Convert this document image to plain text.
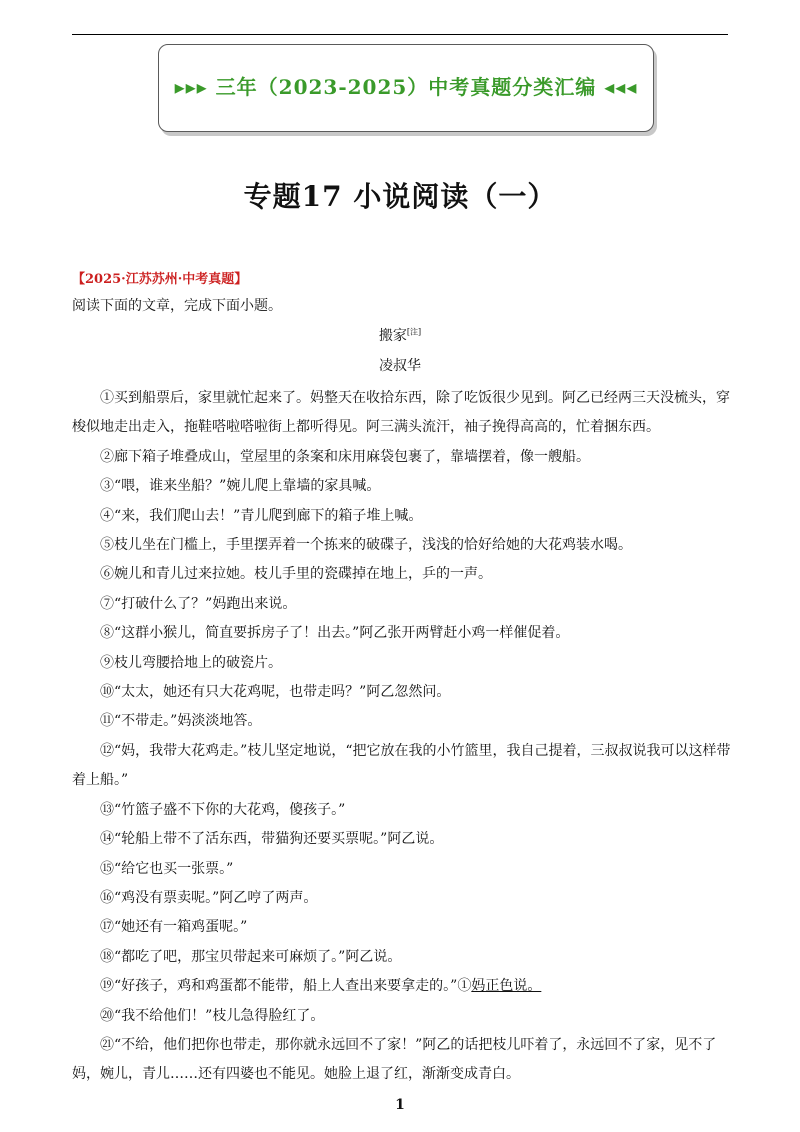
▸▸▸ 三年（2023-2025）中考真题分类汇编 ◂◂◂
专题17 小说阅读（一）
【2025·江苏苏州·中考真题】
阅读下面的文章，完成下面小题。
搬家[注]
凌叔华

①买到船票后，家里就忙起来了。妈整天在收拾东西，除了吃饭很少见到。阿乙已经两三天没梳头，穿梭似地走出走入，拖鞋嗒啦嗒啦街上都听得见。阿三满头流汗，袖子挽得高高的，忙着捆东西。

②廊下箱子堆叠成山，堂屋里的条案和床用麻袋包裹了，靠墙摆着，像一艘船。

③“喂，谁来坐船？”婉儿爬上靠墙的家具喊。

④“来，我们爬山去！”青儿爬到廊下的箱子堆上喊。

⑤枝儿坐在门槛上，手里摆弄着一个拣来的破碟子，浅浅的恰好给她的大花鸡装水喝。

⑥婉儿和青儿过来拉她。枝儿手里的瓷碟掉在地上，乒的一声。

⑦“打破什么了？”妈跑出来说。

⑧“这群小猴儿，简直要拆房子了！出去。”阿乙张开两臂赶小鸡一样催促着。

⑨枝儿弯腰拾地上的破瓷片。

⑩“太太，她还有只大花鸡呢，也带走吗？”阿乙忽然问。

⑪“不带走。”妈淡淡地答。

⑫“妈，我带大花鸡走。”枝儿坚定地说，“把它放在我的小竹篮里，我自己提着，三叔叔说我可以这样带着上船。”

⑬“竹篮子盛不下你的大花鸡，傻孩子。”

⑭“轮船上带不了活东西，带猫狗还要买票呢。”阿乙说。

⑮“给它也买一张票。”

⑯“鸡没有票卖呢。”阿乙哼了两声。

⑰“她还有一箱鸡蛋呢。”

⑱“都吃了吧，那宝贝带起来可麻烦了。”阿乙说。

⑲“好孩子，鸡和鸡蛋都不能带，船上人查出来要拿走的。”①妈正色说。

⑳“我不给他们！”枝儿急得脸红了。

㉑“不给，他们把你也带走，那你就永远回不了家！”阿乙的话把枝儿吓着了，永远回不了家，见不了妈，婉儿，青儿……还有四婆也不能见。她脸上退了红，渐渐变成青白。

1
